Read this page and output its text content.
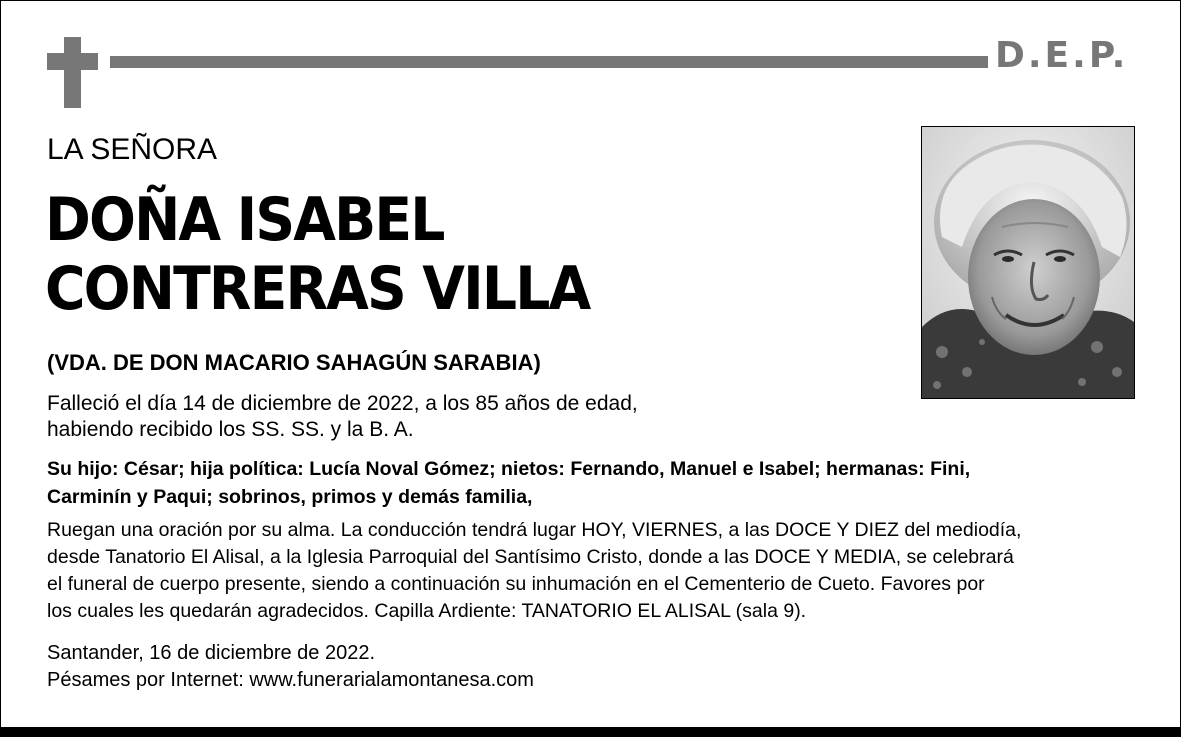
D.E.P.
LA SEÑORA
DOÑA ISABEL
CONTRERAS VILLA
(VDA. DE DON MACARIO SAHAGÚN SARABIA)
Falleció el día 14 de diciembre de 2022, a los 85 años de edad,
habiendo recibido los SS. SS. y la B. A.
Su hijo: César; hija política: Lucía Noval Gómez; nietos: Fernando, Manuel e Isabel; hermanas: Fini,
Carminín y Paqui; sobrinos, primos y demás familia,
Ruegan una oración por su alma. La conducción tendrá lugar HOY, VIERNES, a las DOCE Y DIEZ del mediodía,
desde Tanatorio El Alisal, a la Iglesia Parroquial del Santísimo Cristo, donde a las DOCE Y MEDIA, se celebrará
el funeral de cuerpo presente, siendo a continuación su inhumación en el Cementerio de Cueto. Favores por
los cuales les quedarán agradecidos. Capilla Ardiente: TANATORIO EL ALISAL (sala 9).
Santander, 16 de diciembre de 2022.
Pésames por Internet: www.funerarialamontanesa.com
